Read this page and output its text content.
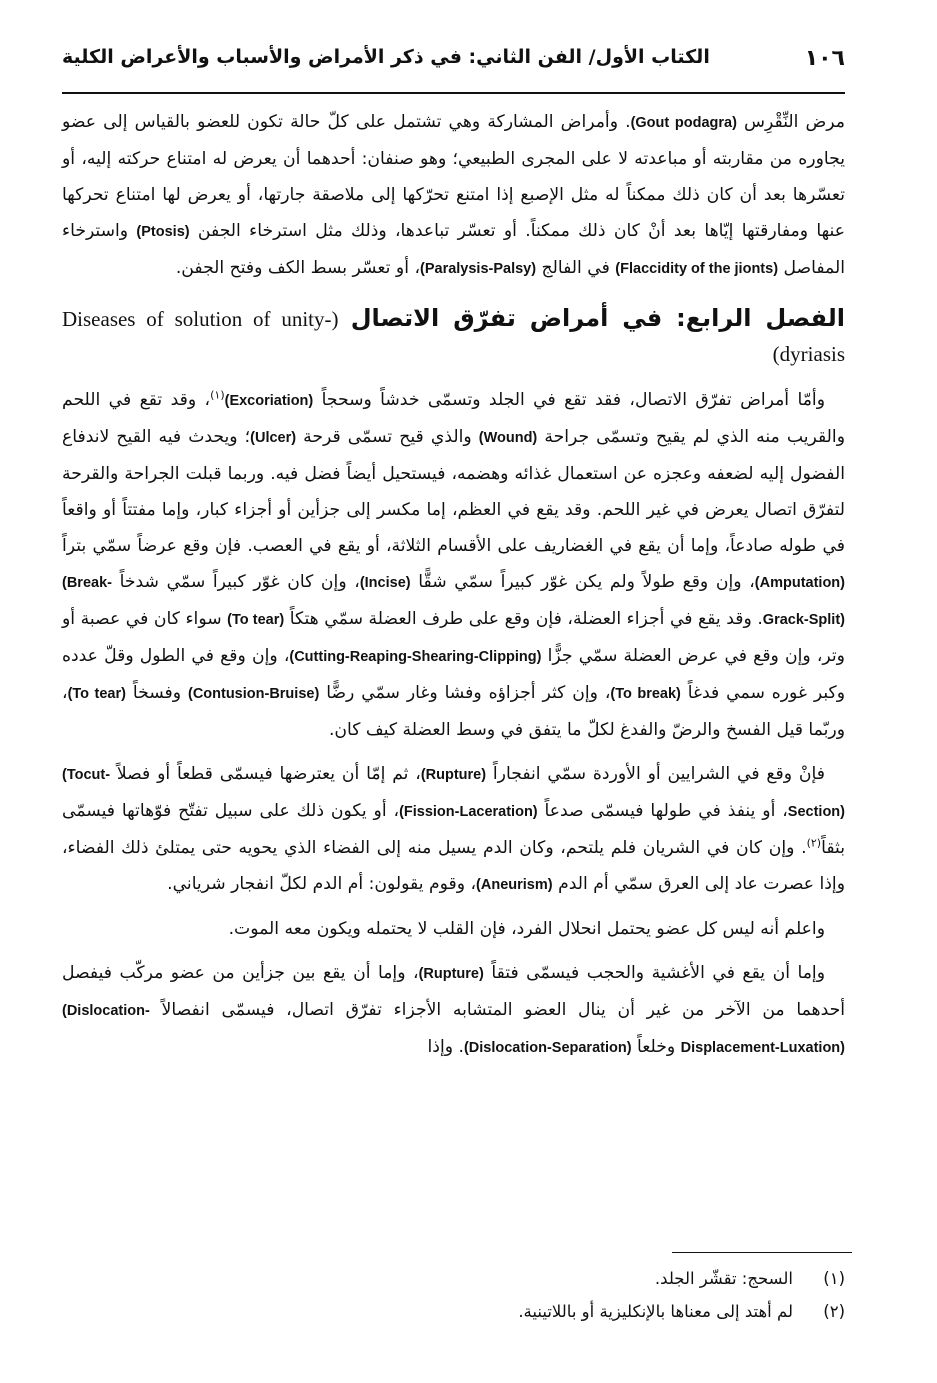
١٠٦
الكتاب الأول/ الفن الثاني: في ذكر الأمراض والأسباب والأعراض الكلية

مرض النِّقْرِس (Gout podagra). وأمراض المشاركة وهي تشتمل على كلّ حالة تكون للعضو بالقياس إلى عضو يجاوره من مقاربته أو مباعدته لا على المجرى الطبيعي؛ وهو صنفان: أحدهما أن يعرض له امتناع حركته إليه، أو تعسّرها بعد أن كان ذلك ممكناً له مثل الإصبع إذا امتنع تحرّكها إلى ملاصقة جارتها، أو يعرض لها امتناع تحركها عنها ومفارقتها إيّاها بعد أنْ كان ذلك ممكناً. أو تعسّر تباعدها، وذلك مثل استرخاء الجفن (Ptosis) واسترخاء المفاصل (Flaccidity of the jionts) في الفالج (Paralysis-Palsy)، أو تعسّر بسط الكف وفتح الجفن.

الفصل الرابع: في أمراض تفرّق الاتصال (Diseases of solution of unity- dyriasis)

وأمّا أمراض تفرّق الاتصال، فقد تقع في الجلد وتسمّى خدشاً وسحجاً (Excoriation)$^{(١)}$، وقد تقع في اللحم والقريب منه الذي لم يقيح وتسمّى جراحة (Wound) والذي قيح تسمّى قرحة (Ulcer)؛ ويحدث فيه القيح لاندفاع الفضول إليه لضعفه وعجزه عن استعمال غذائه وهضمه، فيستحيل أيضاً فضل فيه. وربما قبلت الجراحة والقرحة لتفرّق اتصال يعرض في غير اللحم. وقد يقع في العظم، إما مكسر إلى جزأين أو أجزاء كبار، وإما مفتتاً أو واقعاً في طوله صادعاً، وإما أن يقع في الغضاريف على الأقسام الثلاثة، أو يقع في العصب. فإن وقع عرضاً سمّي بتراً (Amputation)، وإن وقع طولاً ولم يكن غوّر كبيراً سمّي شقًّا (Incise)، وإن كان غوّر كبيراً سمّي شدخاً (Break-Grack-Split). وقد يقع في أجزاء العضلة، فإن وقع على طرف العضلة سمّي هتكاً (To tear) سواء كان في عصبة أو وتر، وإن وقع في عرض العضلة سمّي جزًّا (Cutting-Reaping-Shearing-Clipping)، وإن وقع في الطول وقلّ عدده وكبر غوره سمي فدغاً (To break)، وإن كثر أجزاؤه وفشا وغار سمّي رضًّا (Contusion-Bruise) وفسخاً (To tear)، وربّما قيل الفسخ والرضّ والفدغ لكلّ ما يتفق في وسط العضلة كيف كان.

فإنْ وقع في الشرايين أو الأوردة سمّي انفجاراً (Rupture)، ثم إمّا أن يعترضها فيسمّى قطعاً أو فصلاً (Tocut-Section)، أو ينفذ في طولها فيسمّى صدعاً (Fission-Laceration)، أو يكون ذلك على سبيل تفتّح فوّهاتها فيسمّى بثقاً$^{(٢)}$. وإن كان في الشريان فلم يلتحم، وكان الدم يسيل منه إلى الفضاء الذي يحويه حتى يمتلئ ذلك الفضاء، وإذا عصرت عاد إلى العرق سمّي أم الدم (Aneurism)، وقوم يقولون: أم الدم لكلّ انفجار شرياني.

واعلم أنه ليس كل عضو يحتمل انحلال الفرد، فإن القلب لا يحتمله ويكون معه الموت.

وإما أن يقع في الأغشية والحجب فيسمّى فتقاً (Rupture)، وإما أن يقع بين جزأين من عضو مركّب فيفصل أحدهما من الآخر من غير أن ينال العضو المتشابه الأجزاء تفرّق اتصال، فيسمّى انفصالاً (Dislocation-Displacement-Luxation) وخلعاً (Dislocation-Separation). وإذا

(١)السحج: تقشّر الجلد.

(٢)لم أهتد إلى معناها بالإنكليزية أو باللاتينية.
